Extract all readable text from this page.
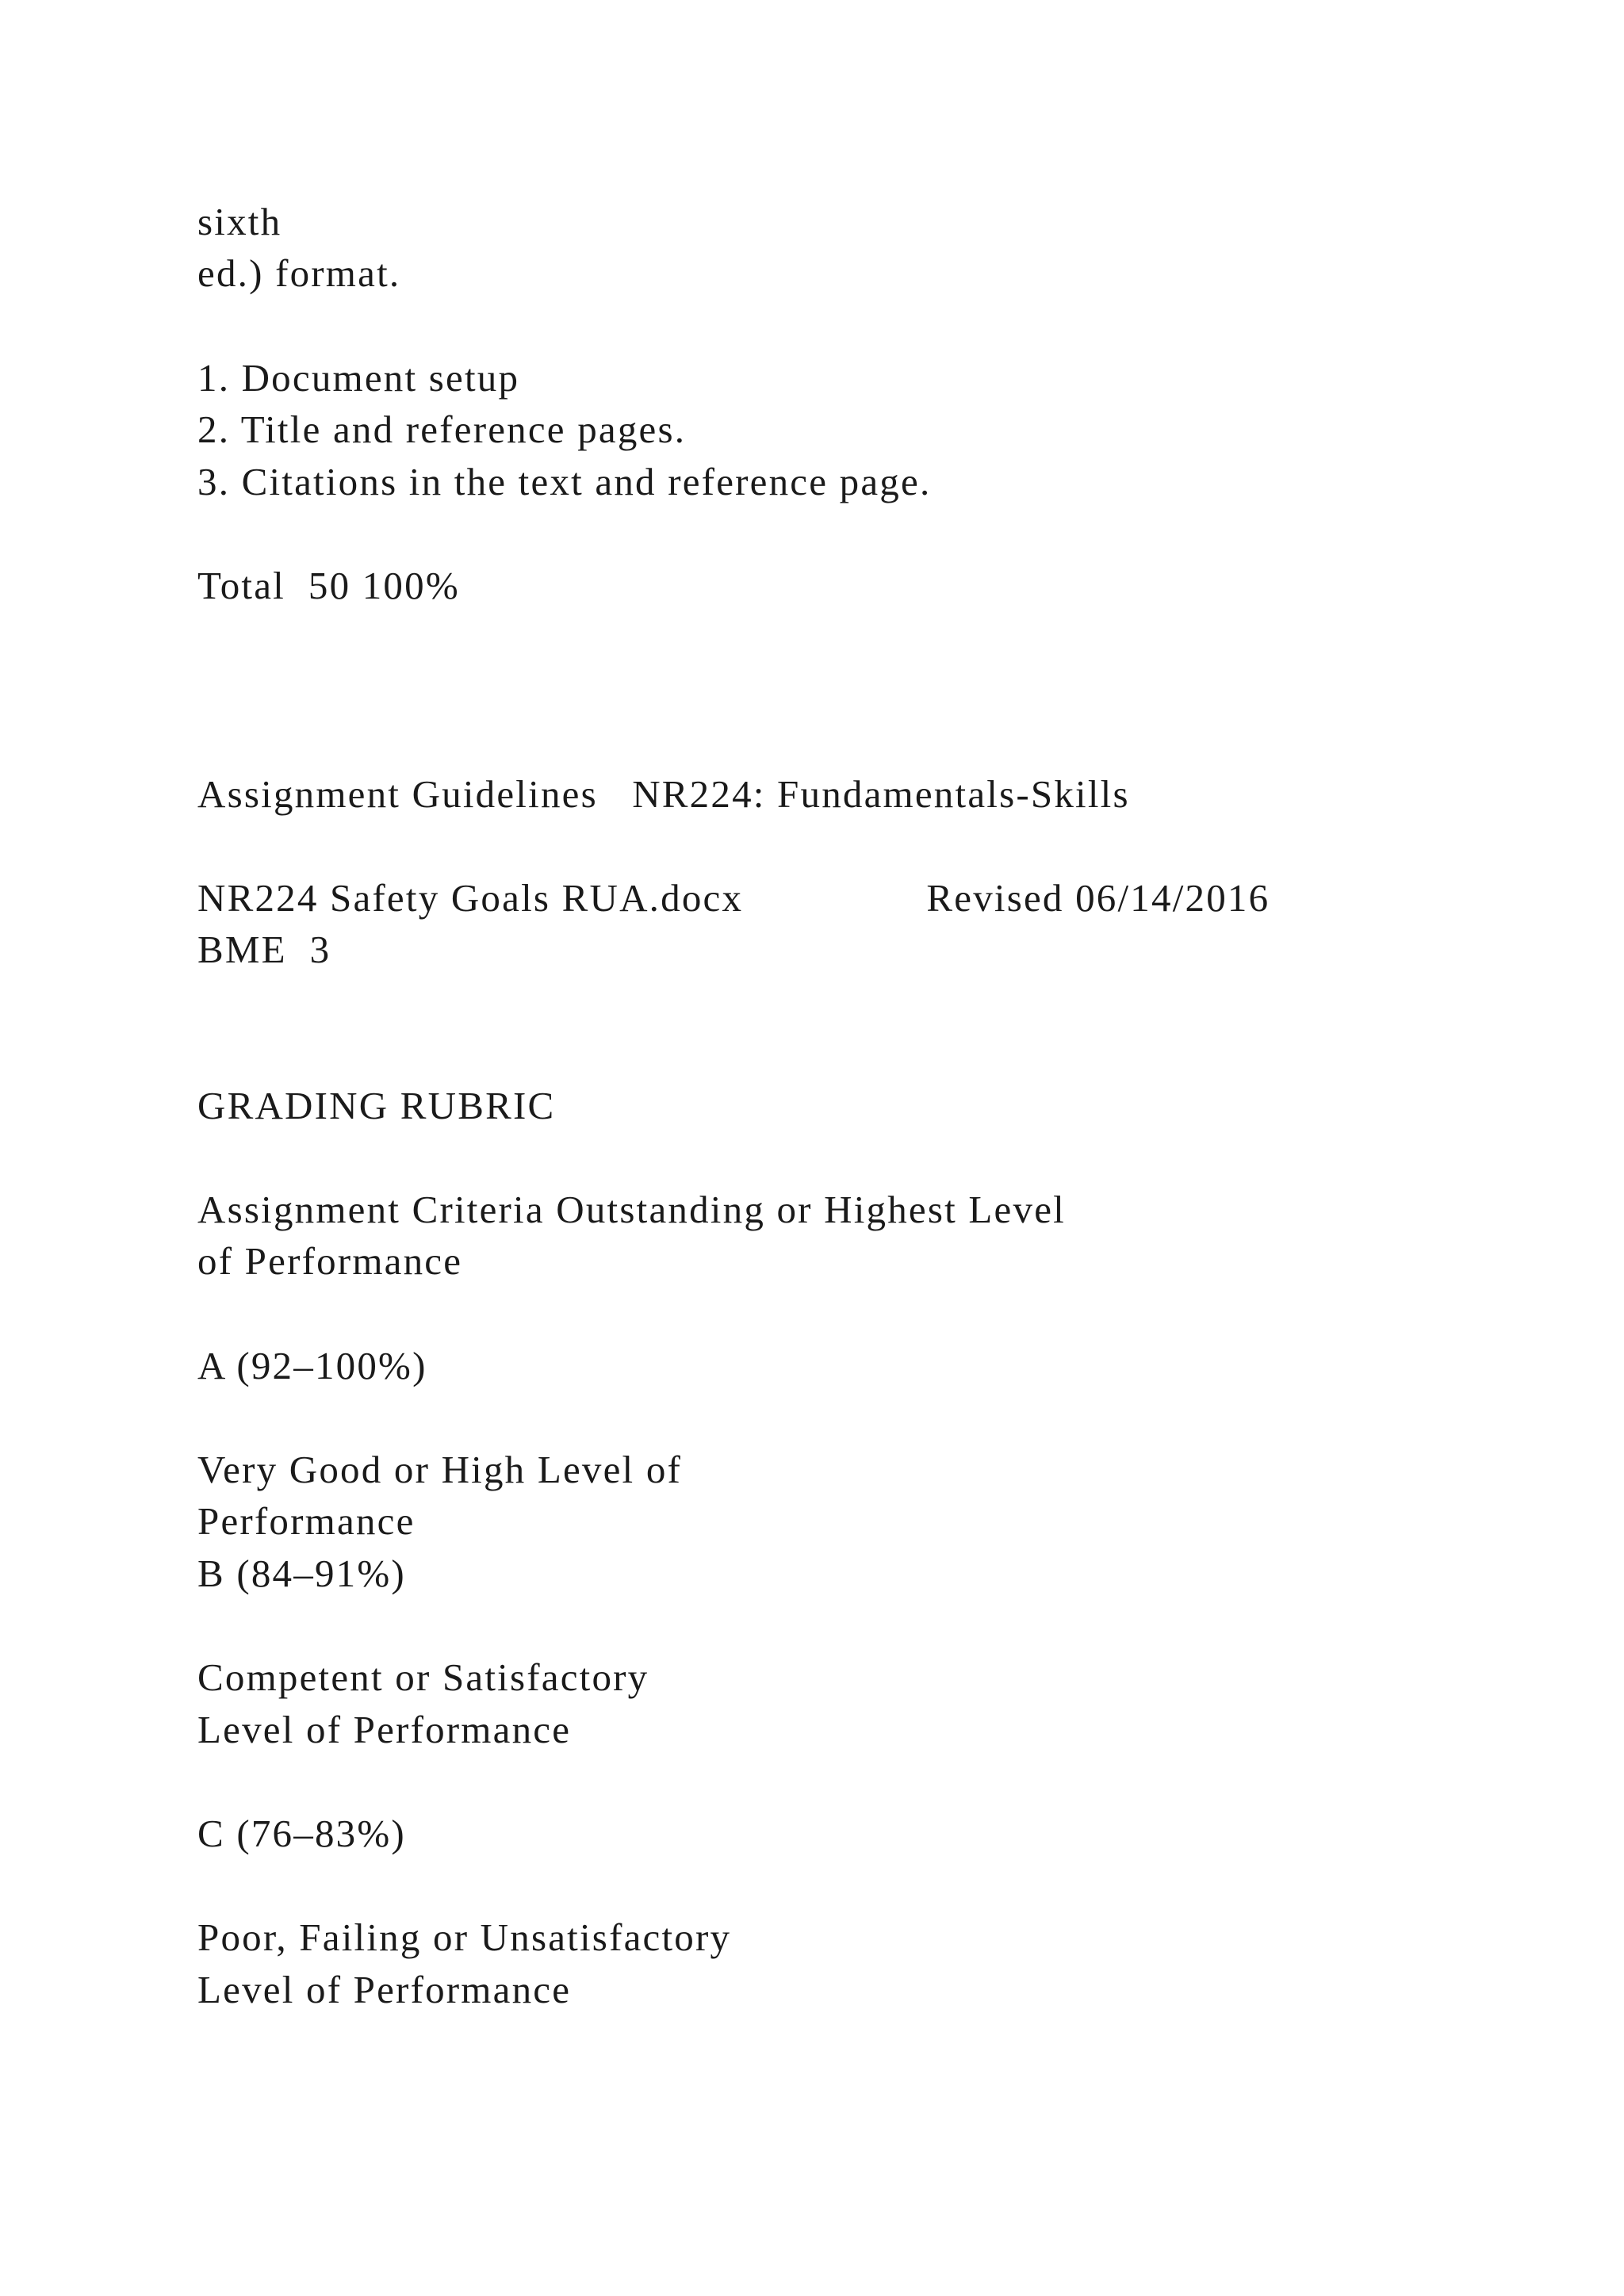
sixth

ed.) format.

1. Document setup

2. Title and reference pages.

3. Citations in the text and reference page.

Total  50 100%

Assignment Guidelines   NR224: Fundamentals-Skills

NR224 Safety Goals RUA.docx                Revised 06/14/2016

BME  3

GRADING RUBRIC

Assignment Criteria Outstanding or Highest Level

of Performance

A (92–100%)

Very Good or High Level of

Performance

B (84–91%)

Competent or Satisfactory

Level of Performance

C (76–83%)

Poor, Failing or Unsatisfactory

Level of Performance
